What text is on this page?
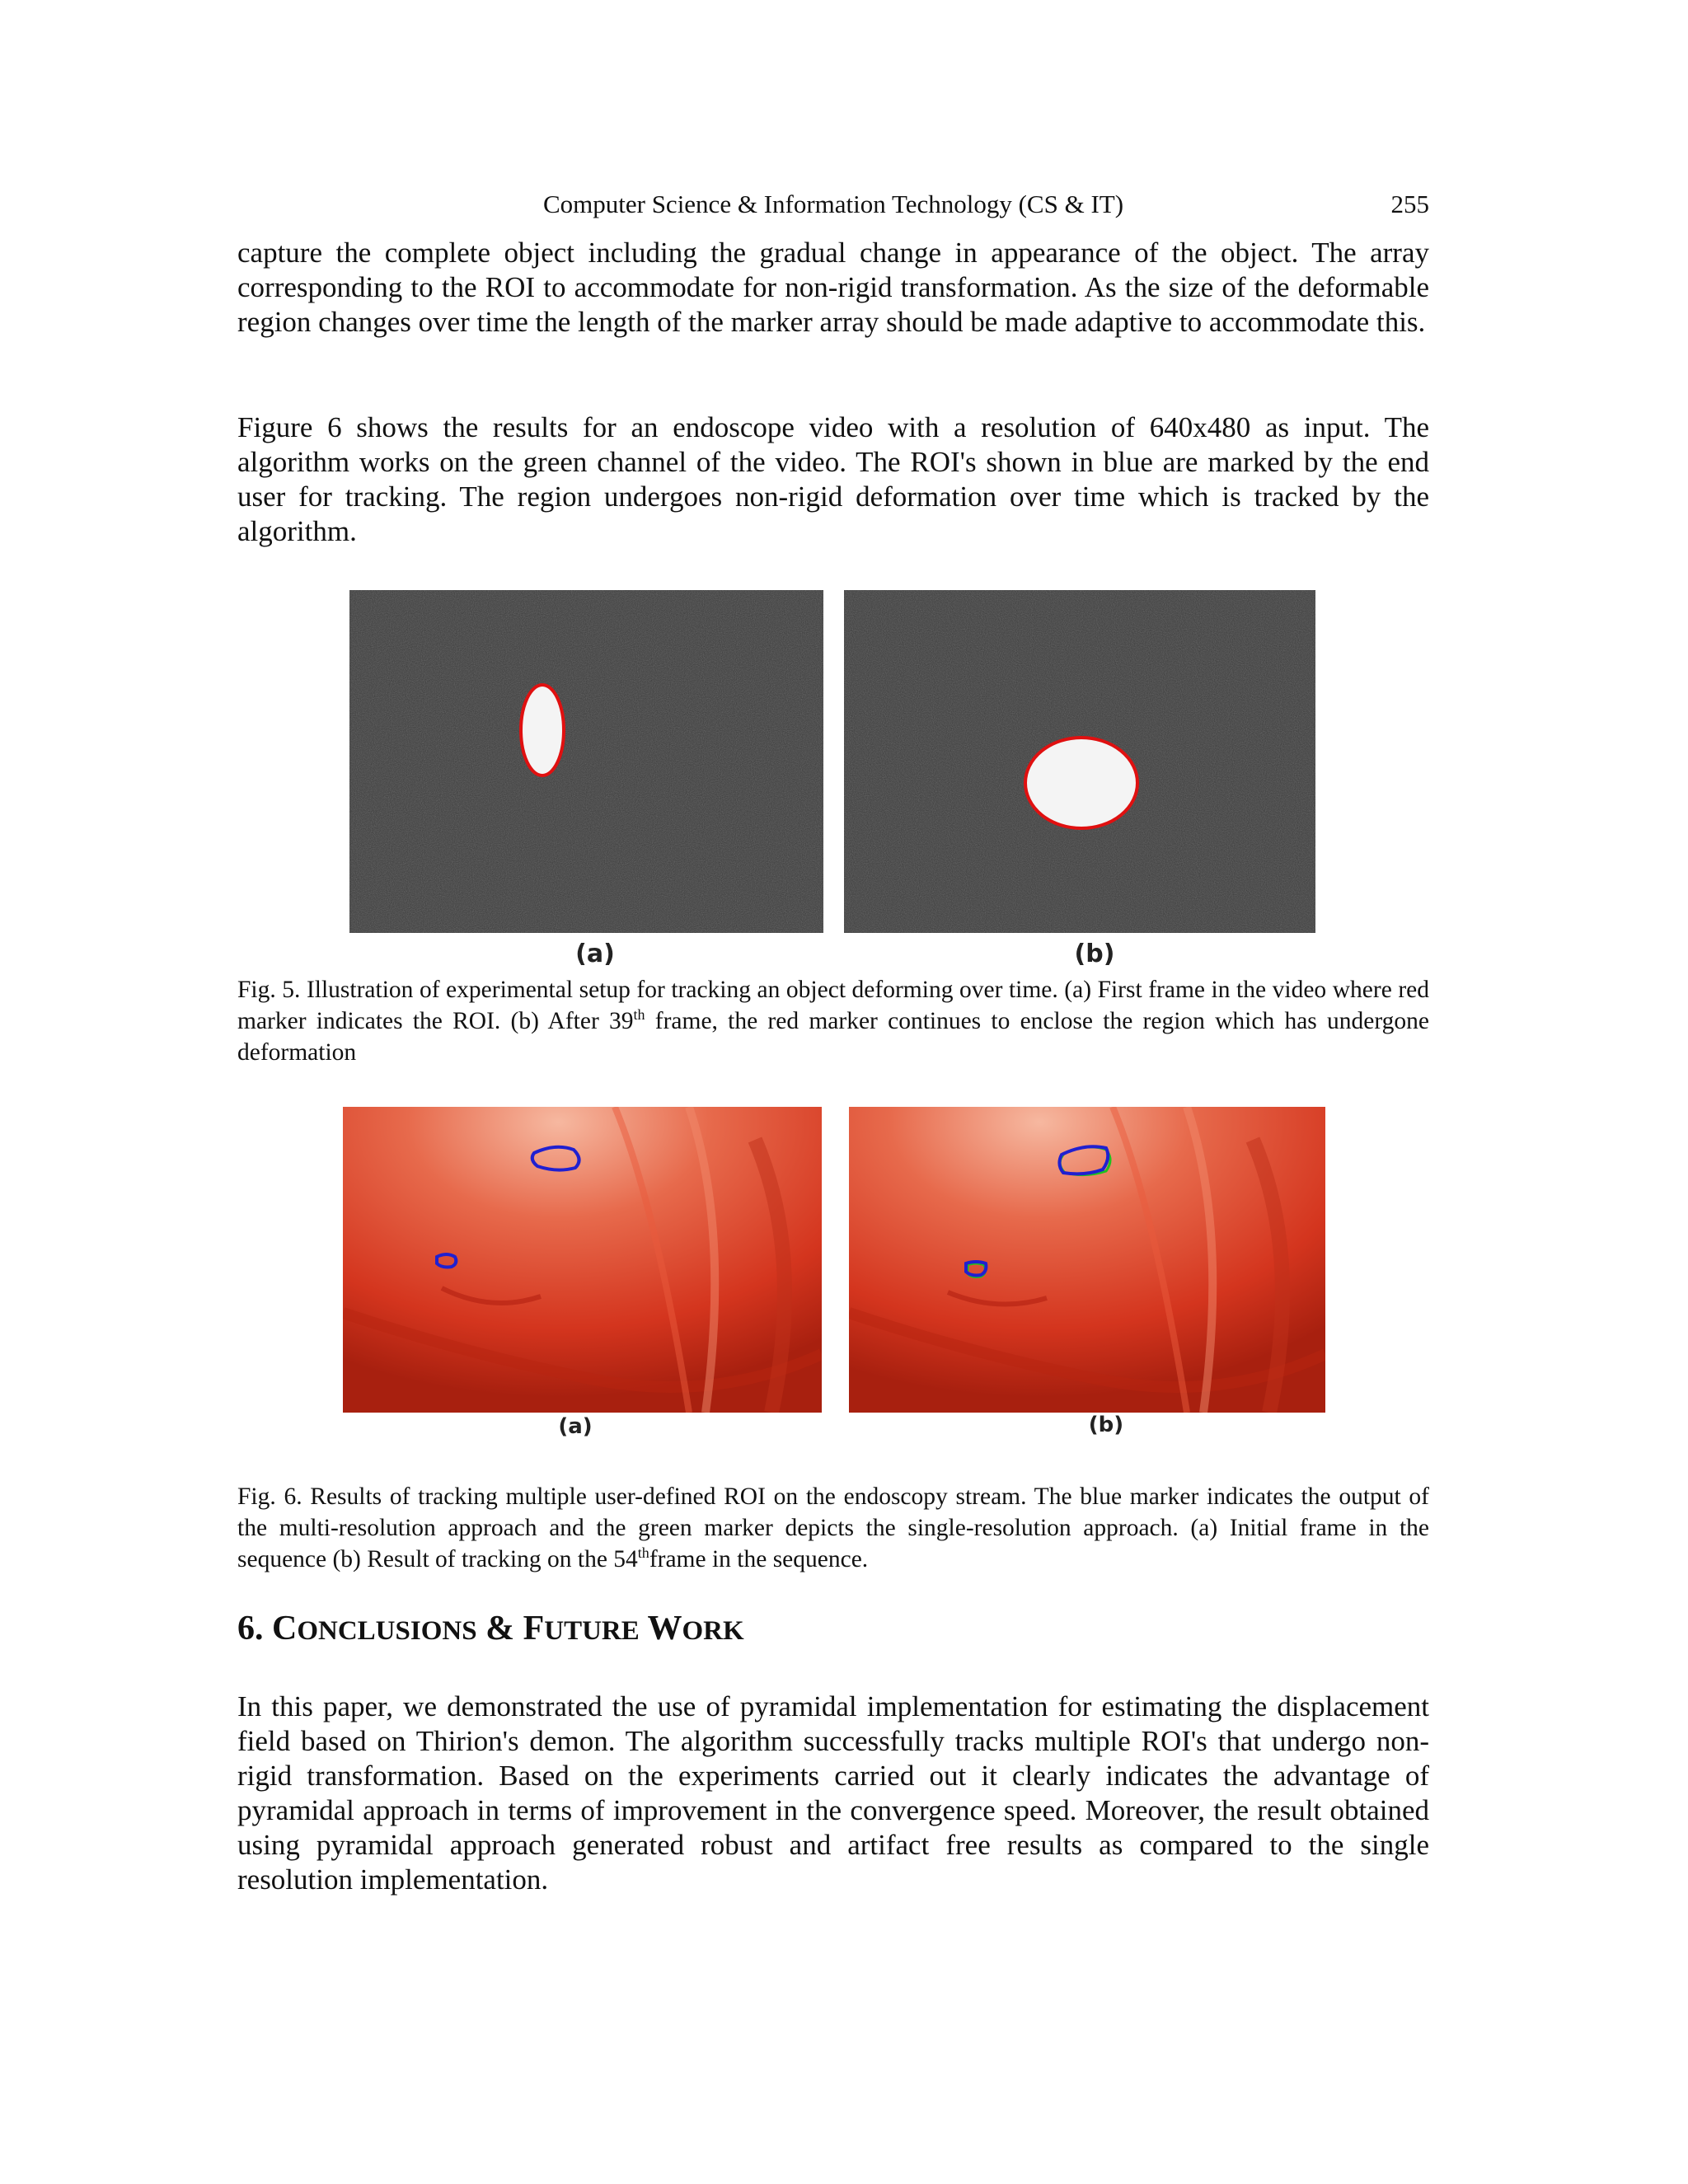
Computer Science & Information Technology (CS & IT)	255

capture the complete object including the gradual change in appearance of the object. The array corresponding to the ROI to accommodate for non-rigid transformation. As the size of the deformable region changes over time the length of the marker array should be made adaptive to accommodate this.

Figure 6 shows the results for an endoscope video with a resolution of 640x480 as input. The algorithm works on the green channel of the video. The ROI's shown in blue are marked by the end user for tracking. The region undergoes non-rigid deformation over time which is tracked by the algorithm.

(a)	(b)

Fig. 5. Illustration of experimental setup for tracking an object deforming over time. (a) First frame in the video where red marker indicates the ROI. (b) After 39th frame, the red marker continues to enclose the region which has undergone deformation

(a)	(b)

Fig. 6. Results of tracking multiple user-defined ROI on the endoscopy stream. The blue marker indicates the output of the multi-resolution approach and the green marker depicts the single-resolution approach. (a) Initial frame in the sequence (b) Result of tracking on the 54thframe in the sequence.

6. CONCLUSIONS & FUTURE WORK

In this paper, we demonstrated the use of pyramidal implementation for estimating the displacement field based on Thirion's demon. The algorithm successfully tracks multiple ROI's that undergo non-rigid transformation. Based on the experiments carried out it clearly indicates the advantage of pyramidal approach in terms of improvement in the convergence speed. Moreover, the result obtained using pyramidal approach generated robust and artifact free results as compared to the single resolution implementation.
